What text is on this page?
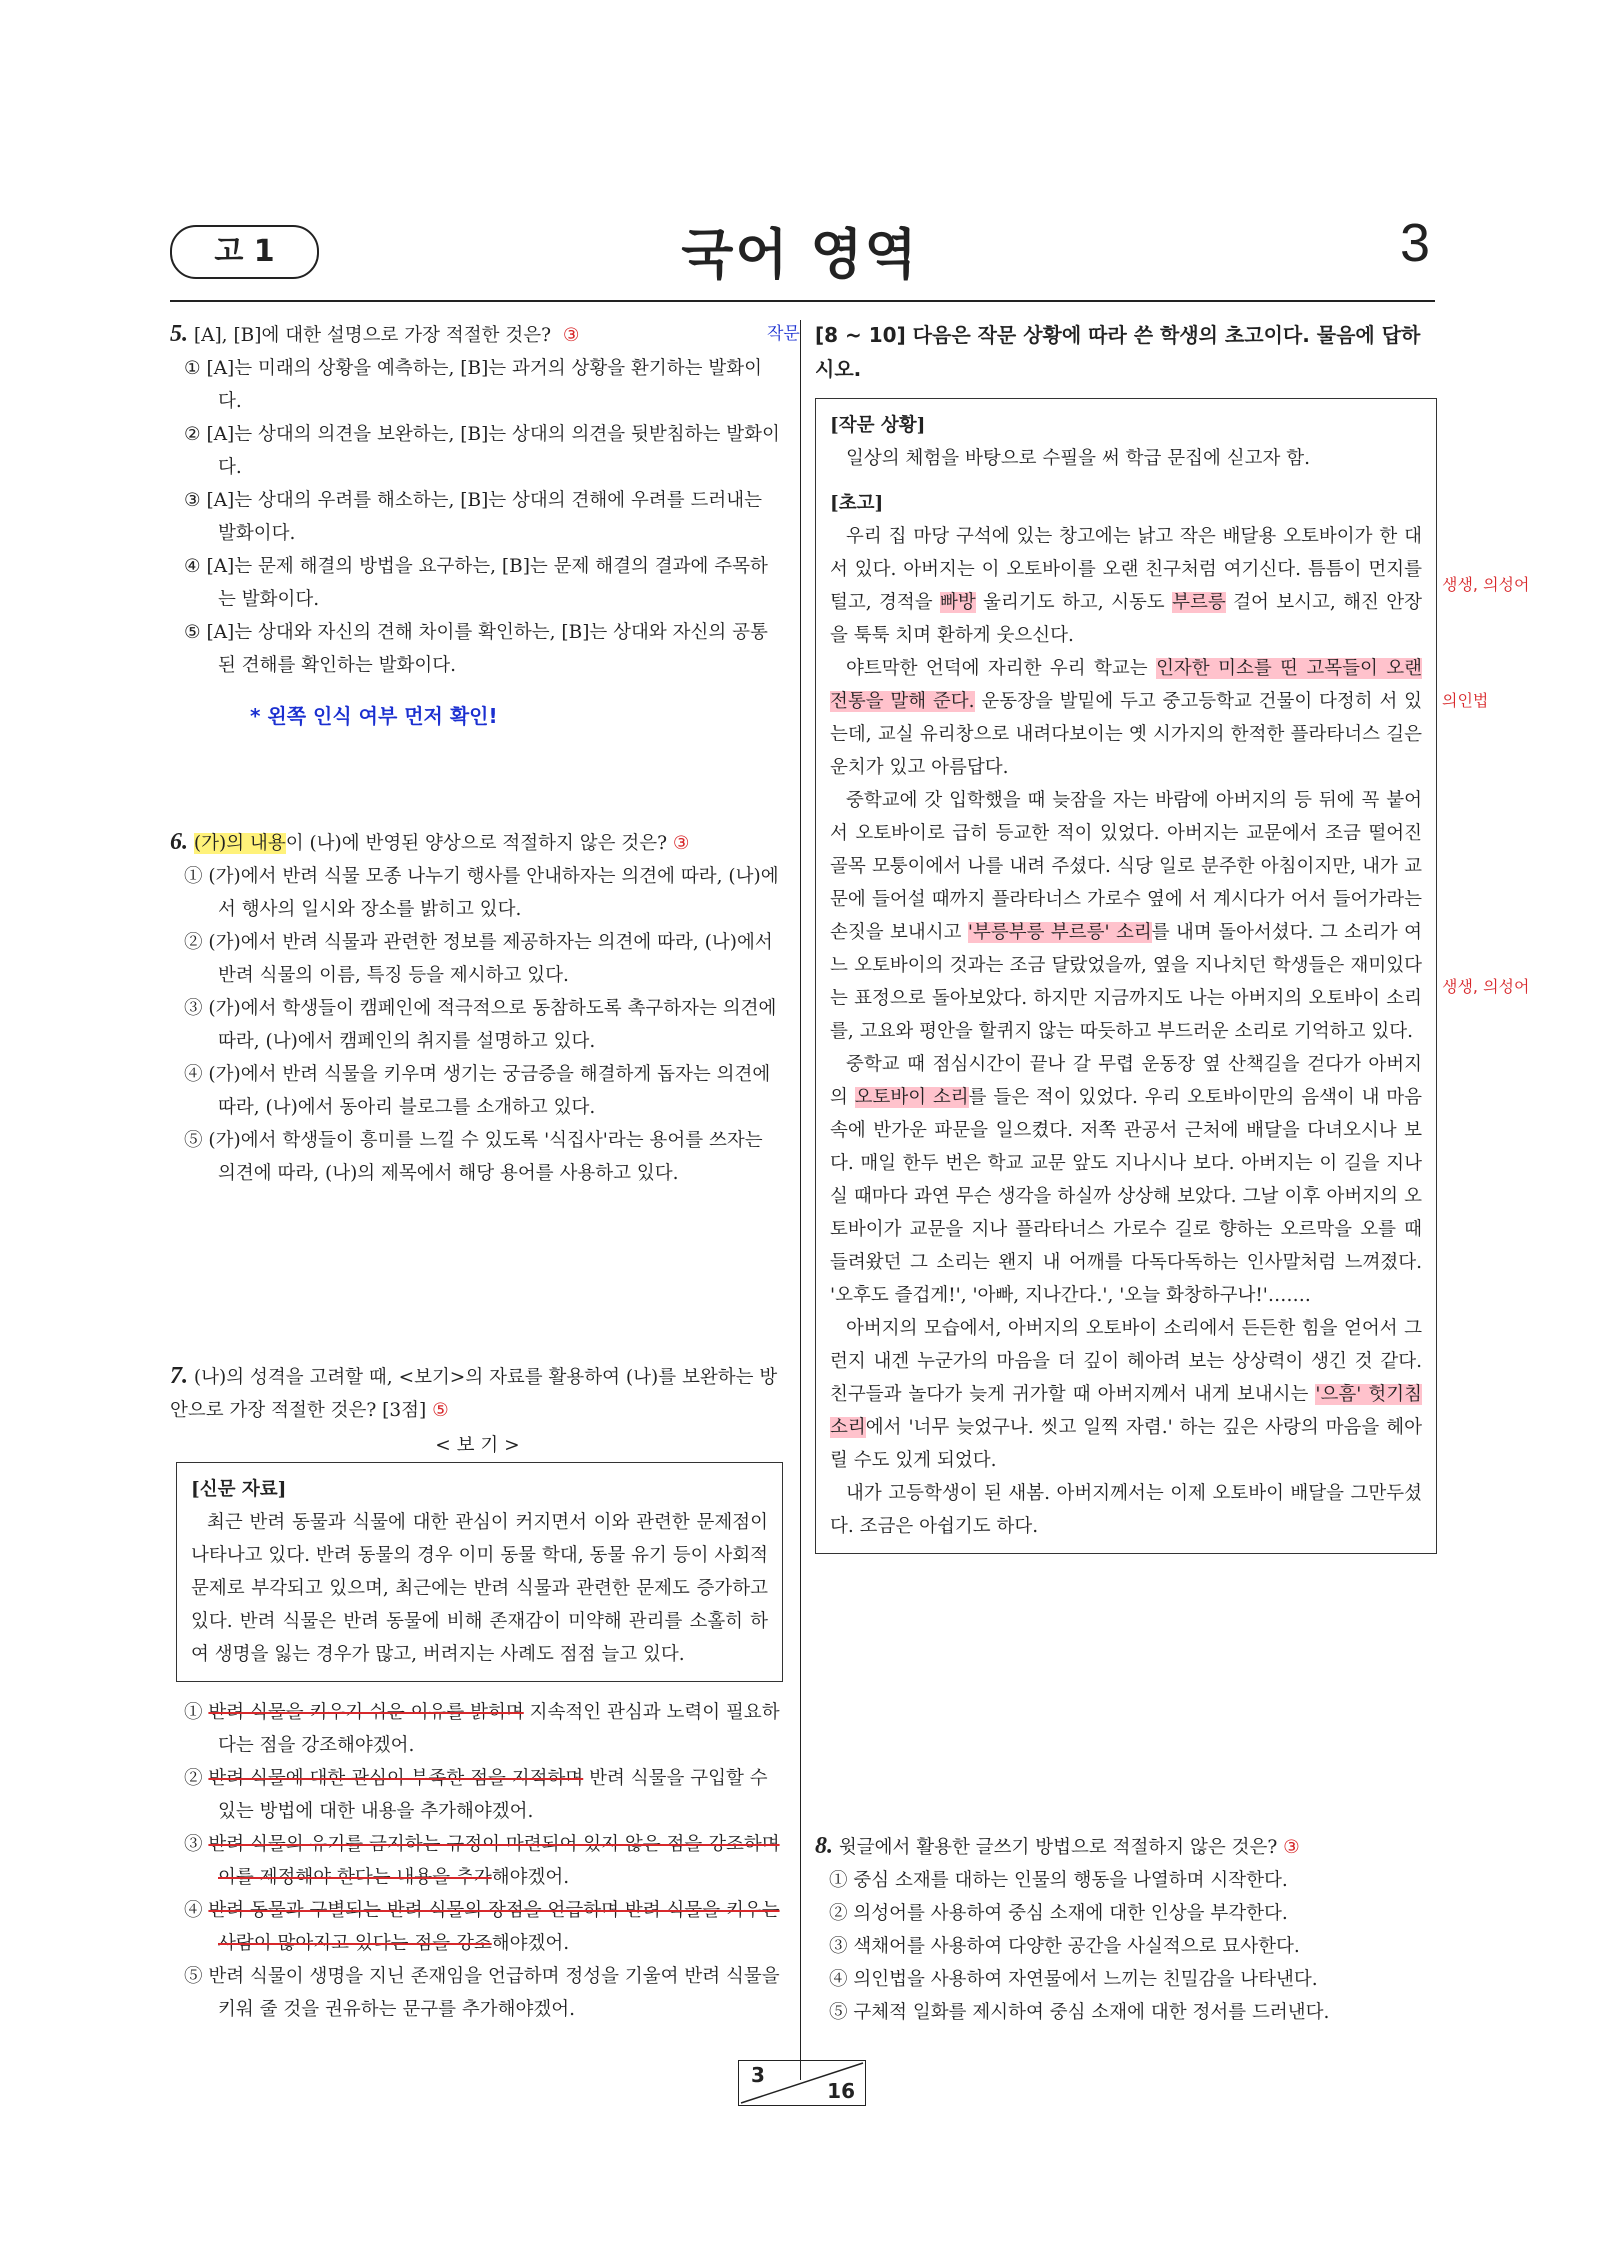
고 1	국어 영역	3

5. [A], [B]에 대한 설명으로 가장 적절한 것은? ③

① [A]는 미래의 상황을 예측하는, [B]는 과거의 상황을 환기하는 발화이다.

② [A]는 상대의 의견을 보완하는, [B]는 상대의 의견을 뒷받침하는 발화이다.

③ [A]는 상대의 우려를 해소하는, [B]는 상대의 견해에 우려를 드러내는 발화이다.

④ [A]는 문제 해결의 방법을 요구하는, [B]는 문제 해결의 결과에 주목하는 발화이다.

⑤ [A]는 상대와 자신의 견해 차이를 확인하는, [B]는 상대와 자신의 공통된 견해를 확인하는 발화이다.

* 왼쪽 인식 여부 먼저 확인!

6. (가)의 내용이 (나)에 반영된 양상으로 적절하지 않은 것은? ③

① (가)에서 반려 식물 모종 나누기 행사를 안내하자는 의견에 따라, (나)에서 행사의 일시와 장소를 밝히고 있다.

② (가)에서 반려 식물과 관련한 정보를 제공하자는 의견에 따라, (나)에서 반려 식물의 이름, 특징 등을 제시하고 있다.

③ (가)에서 학생들이 캠페인에 적극적으로 동참하도록 촉구하자는 의견에 따라, (나)에서 캠페인의 취지를 설명하고 있다.

④ (가)에서 반려 식물을 키우며 생기는 궁금증을 해결하게 돕자는 의견에 따라, (나)에서 동아리 블로그를 소개하고 있다.

⑤ (가)에서 학생들이 흥미를 느낄 수 있도록 '식집사'라는 용어를 쓰자는 의견에 따라, (나)의 제목에서 해당 용어를 사용하고 있다.

7. (나)의 성격을 고려할 때, <보기>의 자료를 활용하여 (나)를 보완하는 방안으로 가장 적절한 것은? [3점] ⑤

< 보 기 >
[신문 자료]
최근 반려 동물과 식물에 대한 관심이 커지면서 이와 관련한 문제점이 나타나고 있다. 반려 동물의 경우 이미 동물 학대, 동물 유기 등이 사회적 문제로 부각되고 있으며, 최근에는 반려 식물과 관련한 문제도 증가하고 있다. 반려 식물은 반려 동물에 비해 존재감이 미약해 관리를 소홀히 하여 생명을 잃는 경우가 많고, 버려지는 사례도 점점 늘고 있다.

① 반려 식물을 키우기 쉬운 이유를 밝히며 지속적인 관심과 노력이 필요하다는 점을 강조해야겠어.

② 반려 식물에 대한 관심이 부족한 점을 지적하며 반려 식물을 구입할 수 있는 방법에 대한 내용을 추가해야겠어.

③ 반려 식물의 유기를 금지하는 규정이 마련되어 있지 않은 점을 강조하며 이를 제정해야 한다는 내용을 추가해야겠어.

④ 반려 동물과 구별되는 반려 식물의 장점을 언급하며 반려 식물을 키우는 사람이 많아지고 있다는 점을 강조해야겠어.

⑤ 반려 식물이 생명을 지닌 존재임을 언급하며 정성을 기울여 반려 식물을 키워 줄 것을 권유하는 문구를 추가해야겠어.

작문 [8 ~ 10] 다음은 작문 상황에 따라 쓴 학생의 초고이다. 물음에 답하시오.
[작문 상황]
일상의 체험을 바탕으로 수필을 써 학급 문집에 싣고자 함.
[초고]
우리 집 마당 구석에 있는 창고에는 낡고 작은 배달용 오토바이가 한 대 서 있다. 아버지는 이 오토바이를 오랜 친구처럼 여기신다. 틈틈이 먼지를 털고, 경적을 빠방 울리기도 하고, 시동도 부르릉 걸어 보시고, 해진 안장을 툭툭 치며 환하게 웃으신다.
야트막한 언덕에 자리한 우리 학교는 인자한 미소를 띤 고목들이 오랜 전통을 말해 준다. 운동장을 발밑에 두고 중고등학교 건물이 다정히 서 있는데, 교실 유리창으로 내려다보이는 옛 시가지의 한적한 플라타너스 길은 운치가 있고 아름답다.
중학교에 갓 입학했을 때 늦잠을 자는 바람에 아버지의 등 뒤에 꼭 붙어서 오토바이로 급히 등교한 적이 있었다. 아버지는 교문에서 조금 떨어진 골목 모퉁이에서 나를 내려 주셨다. 식당 일로 분주한 아침이지만, 내가 교문에 들어설 때까지 플라타너스 가로수 옆에 서 계시다가 어서 들어가라는 손짓을 보내시고 '부릉부릉 부르릉' 소리를 내며 돌아서셨다. 그 소리가 여느 오토바이의 것과는 조금 달랐었을까, 옆을 지나치던 학생들은 재미있다는 표정으로 돌아보았다. 하지만 지금까지도 나는 아버지의 오토바이 소리를, 고요와 평안을 할퀴지 않는 따듯하고 부드러운 소리로 기억하고 있다.
중학교 때 점심시간이 끝나 갈 무렵 운동장 옆 산책길을 걷다가 아버지의 오토바이 소리를 들은 적이 있었다. 우리 오토바이만의 음색이 내 마음속에 반가운 파문을 일으켰다. 저쪽 관공서 근처에 배달을 다녀오시나 보다. 매일 한두 번은 학교 교문 앞도 지나시나 보다. 아버지는 이 길을 지나실 때마다 과연 무슨 생각을 하실까 상상해 보았다. 그날 이후 아버지의 오토바이가 교문을 지나 플라타너스 가로수 길로 향하는 오르막을 오를 때 들려왔던 그 소리는 왠지 내 어깨를 다독다독하는 인사말처럼 느껴졌다. '오후도 즐겁게!', '아빠, 지나간다.', '오늘 화창하구나!'…….
아버지의 모습에서, 아버지의 오토바이 소리에서 든든한 힘을 얻어서 그런지 내겐 누군가의 마음을 더 깊이 헤아려 보는 상상력이 생긴 것 같다. 친구들과 놀다가 늦게 귀가할 때 아버지께서 내게 보내시는 '으흠' 헛기침 소리에서 '너무 늦었구나. 씻고 일찍 자렴.' 하는 깊은 사랑의 마음을 헤아릴 수도 있게 되었다.
내가 고등학생이 된 새봄. 아버지께서는 이제 오토바이 배달을 그만두셨다. 조금은 아쉽기도 하다.

8. 윗글에서 활용한 글쓰기 방법으로 적절하지 않은 것은? ③

① 중심 소재를 대하는 인물의 행동을 나열하며 시작한다.

② 의성어를 사용하여 중심 소재에 대한 인상을 부각한다.

③ 색채어를 사용하여 다양한 공간을 사실적으로 묘사한다.

④ 의인법을 사용하여 자연물에서 느끼는 친밀감을 나타낸다.

⑤ 구체적 일화를 제시하여 중심 소재에 대한 정서를 드러낸다.

생생, 의성어
의인법
생생, 의성어
3
16
